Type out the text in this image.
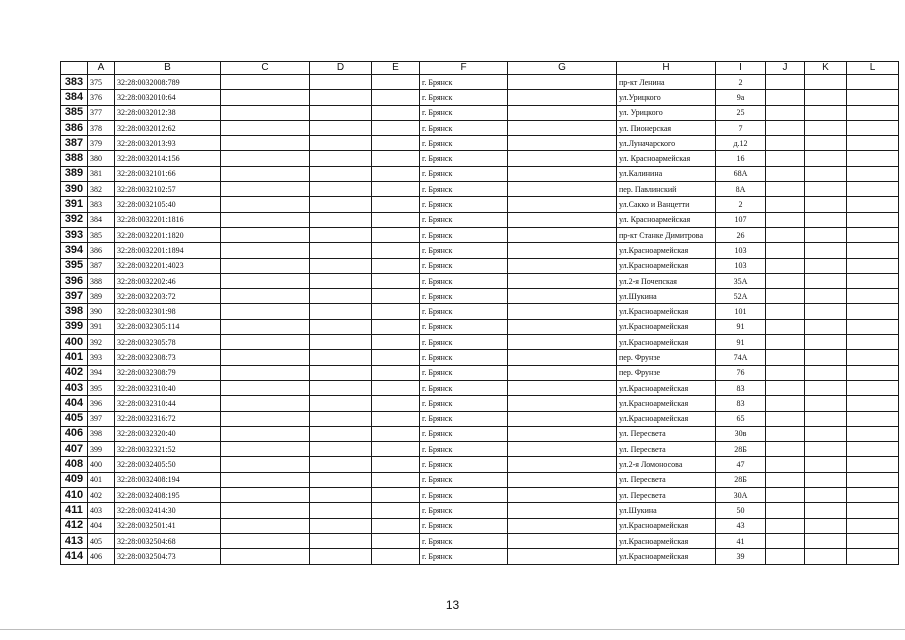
	A	B	C	D	E	F	G	H	I	J	K	L
383	375	32:28:0032008:789				г. Брянск		пр-кт Ленина	2			
384	376	32:28:0032010:64				г. Брянск		ул.Урицкого	9а			
385	377	32:28:0032012:38				г. Брянск		ул. Урицкого	25			
386	378	32:28:0032012:62				г. Брянск		ул. Пионерская	7			
387	379	32:28:0032013:93				г. Брянск		ул.Луначарского	д.12			
388	380	32:28:0032014:156				г. Брянск		ул. Красноармейская	16			
389	381	32:28:0032101:66				г. Брянск		ул.Калинина	68А			
390	382	32:28:0032102:57				г. Брянск		пер. Павлинский	8А			
391	383	32:28:0032105:40				г. Брянск		ул.Сакко и Ванцетти	2			
392	384	32:28:0032201:1816				г. Брянск		ул. Красноармейская	107			
393	385	32:28:0032201:1820				г. Брянск		пр-кт Станке Димитрова	26			
394	386	32:28:0032201:1894				г. Брянск		ул.Красноармейская	103			
395	387	32:28:0032201:4023				г. Брянск		ул.Красноармейская	103			
396	388	32:28:0032202:46				г. Брянск		ул.2-я Почепская	35А			
397	389	32:28:0032203:72				г. Брянск		ул.Шукина	52А			
398	390	32:28:0032301:98				г. Брянск		ул.Красноармейская	101			
399	391	32:28:0032305:114				г. Брянск		ул.Красноармейская	91			
400	392	32:28:0032305:78				г. Брянск		ул.Красноармейская	91			
401	393	32:28:0032308:73				г. Брянск		пер. Фрунзе	74А			
402	394	32:28:0032308:79				г. Брянск		пер. Фрунзе	76			
403	395	32:28:0032310:40				г. Брянск		ул.Красноармейская	83			
404	396	32:28:0032310:44				г. Брянск		ул.Красноармейская	83			
405	397	32:28:0032316:72				г. Брянск		ул.Красноармейская	65			
406	398	32:28:0032320:40				г. Брянск		ул. Пересвета	30в			
407	399	32:28:0032321:52				г. Брянск		ул. Пересвета	28Б			
408	400	32:28:0032405:50				г. Брянск		ул.2-я Ломоносова	47			
409	401	32:28:0032408:194				г. Брянск		ул. Пересвета	28Б			
410	402	32:28:0032408:195				г. Брянск		ул. Пересвета	30А			
411	403	32:28:0032414:30				г. Брянск		ул.Шукина	50			
412	404	32:28:0032501:41				г. Брянск		ул.Красноармейская	43			
413	405	32:28:0032504:68				г. Брянск		ул.Красноармейская	41			
414	406	32:28:0032504:73				г. Брянск		ул.Красноармейская	39			
13
